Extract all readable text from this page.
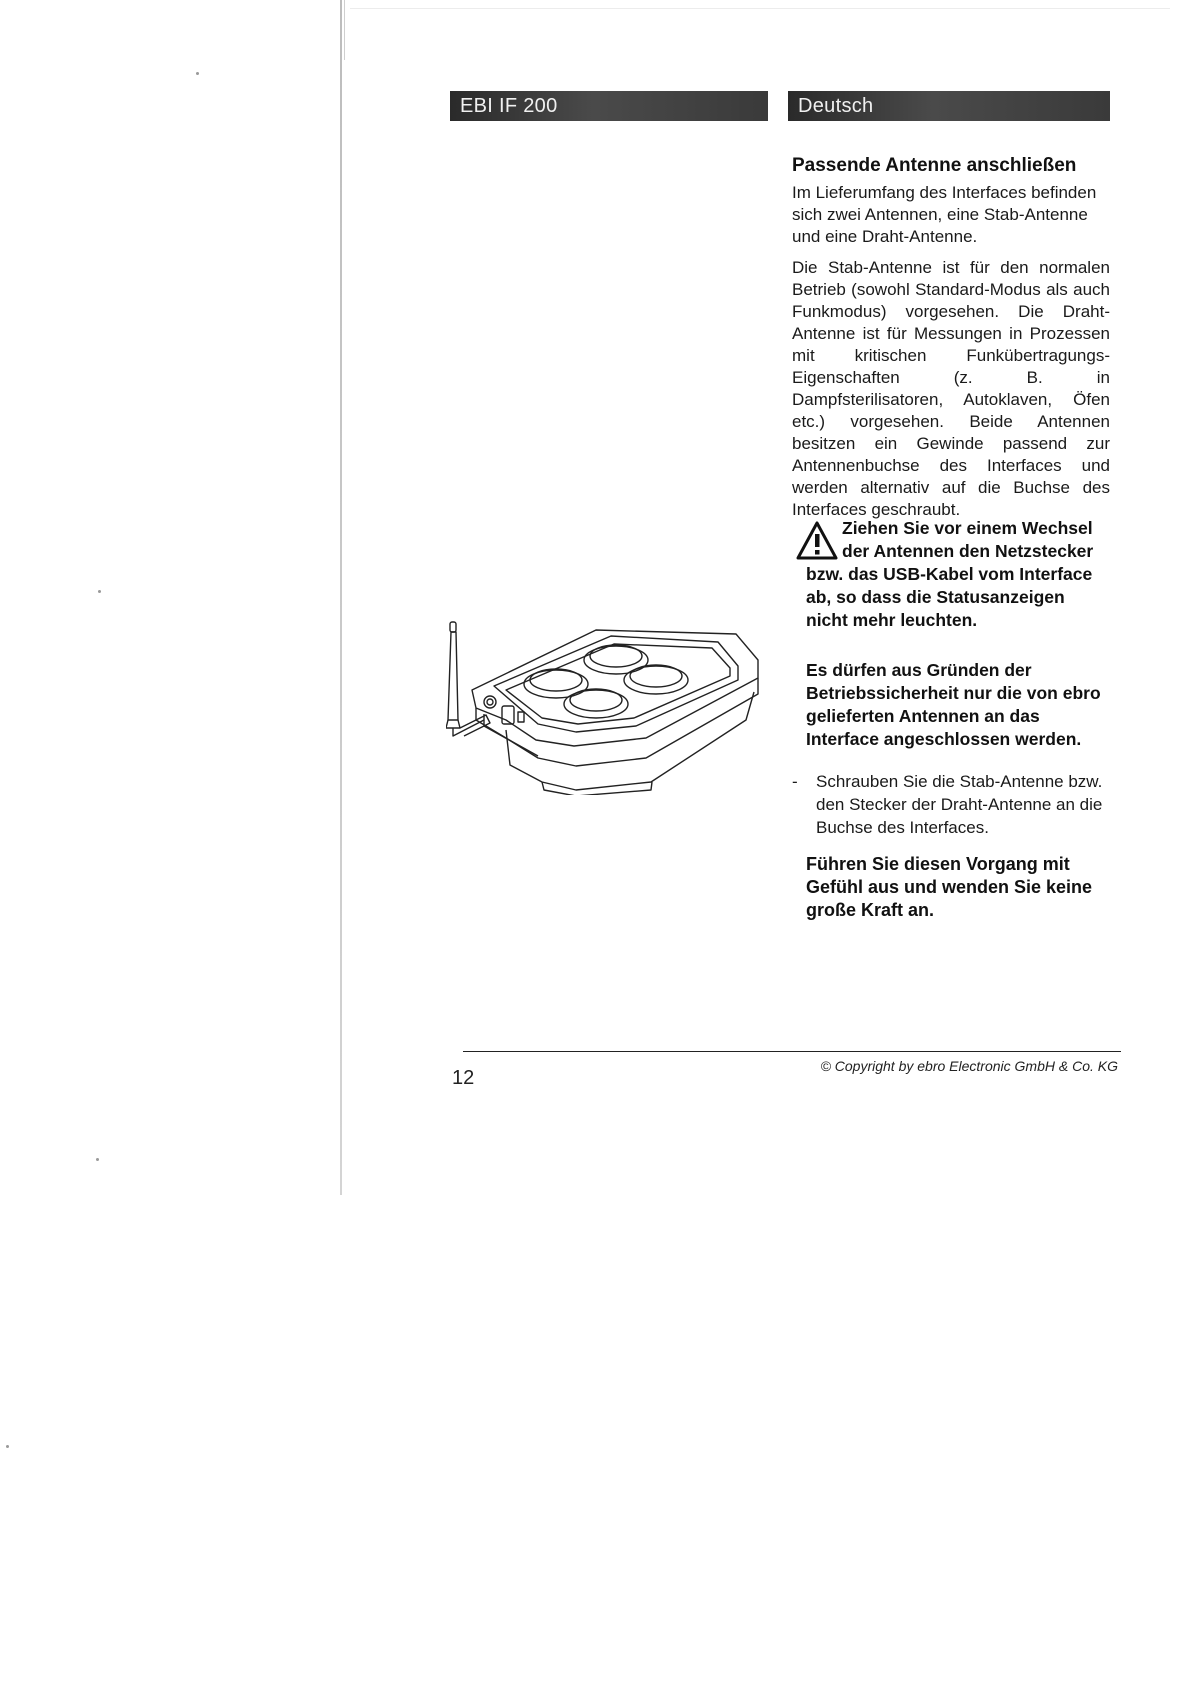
EBI IF 200	Deutsch
Passende Antenne anschließen
Im Lieferumfang des Interfaces befinden sich zwei Antennen, eine Stab-Antenne und eine Draht-Antenne.
Die Stab-Antenne ist für den normalen Betrieb (sowohl Standard-Modus als auch Funkmodus) vorgesehen. Die Draht-Antenne ist für Messungen in Prozessen mit kritischen Funkübertragungs-Eigenschaften (z. B. in Dampfsterilisatoren, Autoklaven, Öfen etc.) vorgesehen. Beide Antennen besitzen ein Gewinde passend zur Antennenbuchse des Interfaces und werden alternativ auf die Buchse des Interfaces geschraubt.
Ziehen Sie vor einem Wechsel
der Antennen den Netzstecker
bzw. das USB-Kabel vom Interface ab, so dass die Statusanzeigen nicht mehr leuchten.
Es dürfen aus Gründen der Betriebssicherheit nur die von ebro gelieferten Antennen an das Interface angeschlossen werden.
- Schrauben Sie die Stab-Antenne bzw. den Stecker der Draht-Antenne an die Buchse des Interfaces.
Führen Sie diesen Vorgang mit Gefühl aus und wenden Sie keine große Kraft an.
12
© Copyright by ebro Electronic GmbH & Co. KG
